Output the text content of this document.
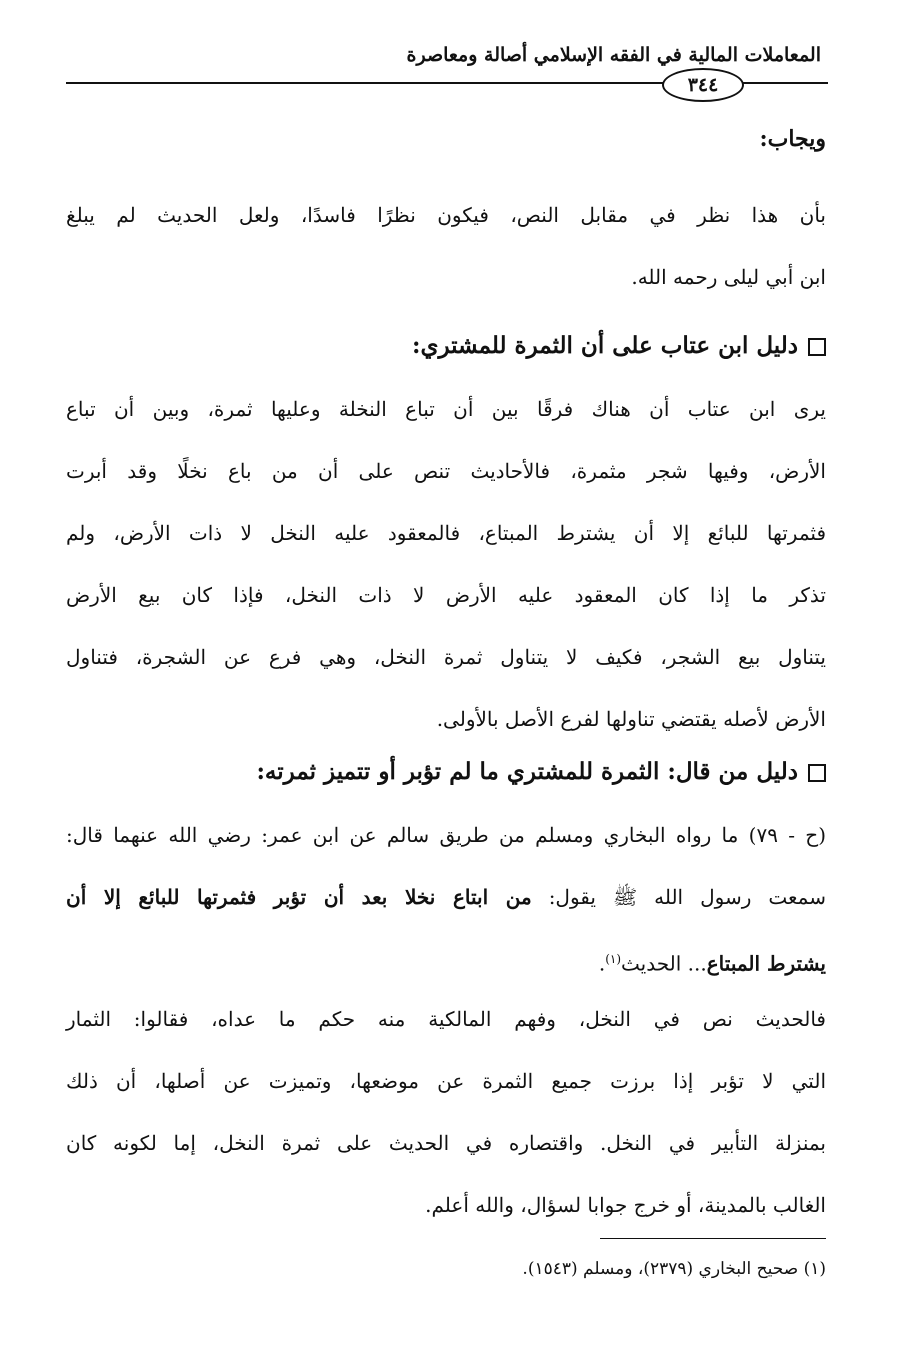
المعاملات المالية في الفقه الإسلامي أصالة ومعاصرة
٣٤٤
ويجاب:
بأن هذا نظر في مقابل النص، فيكون نظرًا فاسدًا، ولعل الحديث لم يبلغ
ابن أبي ليلى رحمه الله.
دليل ابن عتاب على أن الثمرة للمشتري:
يرى ابن عتاب أن هناك فرقًا بين أن تباع النخلة وعليها ثمرة، وبين أن تباع
الأرض، وفيها شجر مثمرة، فالأحاديث تنص على أن من باع نخلًا وقد أبرت
فثمرتها للبائع إلا أن يشترط المبتاع، فالمعقود عليه النخل لا ذات الأرض، ولم
تذكر ما إذا كان المعقود عليه الأرض لا ذات النخل، فإذا كان بيع الأرض
يتناول بيع الشجر، فكيف لا يتناول ثمرة النخل، وهي فرع عن الشجرة، فتناول
الأرض لأصله يقتضي تناولها لفرع الأصل بالأولى.
دليل من قال: الثمرة للمشتري ما لم تؤبر أو تتميز ثمرته:
(ح - ٧٩) ما رواه البخاري ومسلم من طريق سالم عن ابن عمر: رضي الله عنهما قال:
سمعت رسول الله ﷺ يقول: من ابتاع نخلا بعد أن تؤبر فثمرتها للبائع إلا أن
يشترط المبتاع... الحديث$^{(١)}$.
فالحديث نص في النخل، وفهم المالكية منه حكم ما عداه، فقالوا: الثمار
التي لا تؤبر إذا برزت جميع الثمرة عن موضعها، وتميزت عن أصلها، أن ذلك
بمنزلة التأبير في النخل. واقتصاره في الحديث على ثمرة النخل، إما لكونه كان
الغالب بالمدينة، أو خرج جوابا لسؤال، والله أعلم.
(١) صحيح البخاري (٢٣٧٩)، ومسلم (١٥٤٣).
